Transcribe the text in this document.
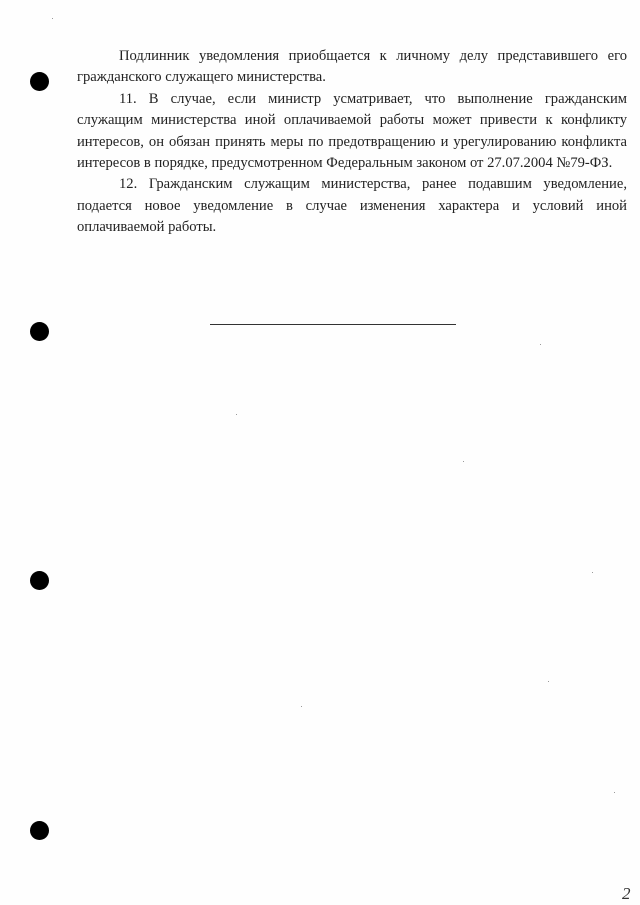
Подлинник уведомления приобщается к личному делу представившего его гражданского служащего министерства.

11. В случае, если министр усматривает, что выполнение гражданским служащим министерства иной оплачиваемой работы может привести к конфликту интересов, он обязан принять меры по предотвращению и урегулированию конфликта интересов в порядке, предусмотренном Федеральным законом от 27.07.2004 №79-ФЗ.

12. Гражданским служащим министерства, ранее подавшим уведомление, подается новое уведомление в случае изменения характера и условий иной оплачиваемой работы.

2
